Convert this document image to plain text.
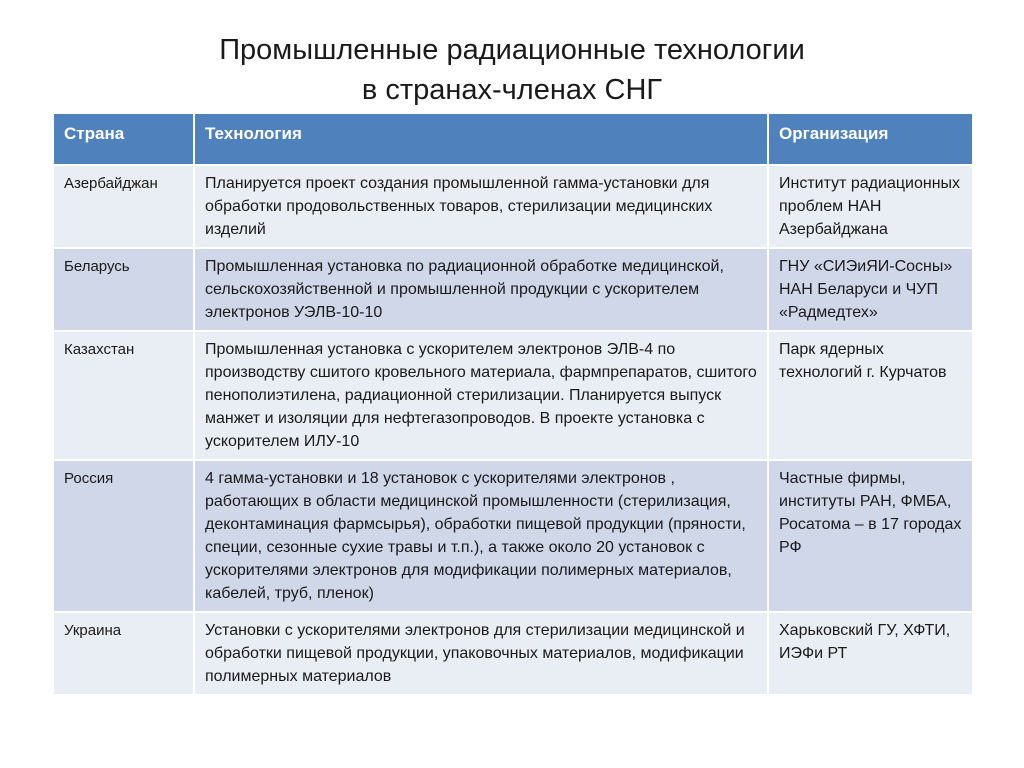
Промышленные радиационные технологии
в странах-членах СНГ
Страна	Технология	Организация
Азербайджан	Планируется проект создания промышленной гамма-установки для обработки продовольственных товаров, стерилизации медицинских изделий	Институт радиационных проблем НАН Азербайджана
Беларусь	Промышленная установка по радиационной обработке медицинской, сельскохозяйственной и промышленной продукции с ускорителем электронов УЭЛВ-10-10	ГНУ «СИЭиЯИ-Сосны» НАН Беларуси и ЧУП «Радмедтех»
Казахстан	Промышленная установка с ускорителем электронов ЭЛВ-4 по производству сшитого кровельного материала, фармпрепаратов, сшитого пенополиэтилена, радиационной стерилизации. Планируется выпуск манжет и изоляции для нефтегазопроводов. В проекте установка с ускорителем ИЛУ-10	Парк ядерных технологий г. Курчатов
Россия	4 гамма-установки и 18 установок с ускорителями электронов , работающих в области медицинской промышленности (стерилизация, деконтаминация фармсырья), обработки пищевой продукции (пряности, специи, сезонные сухие травы и т.п.), а также около 20 установок с ускорителями электронов для модификации полимерных материалов, кабелей, труб, пленок)	Частные фирмы, институты РАН, ФМБА, Росатома – в 17 городах РФ
Украина	Установки с ускорителями электронов для стерилизации медицинской и обработки пищевой продукции, упаковочных материалов, модификации полимерных материалов	Харьковский ГУ, ХФТИ, ИЭФи РТ
